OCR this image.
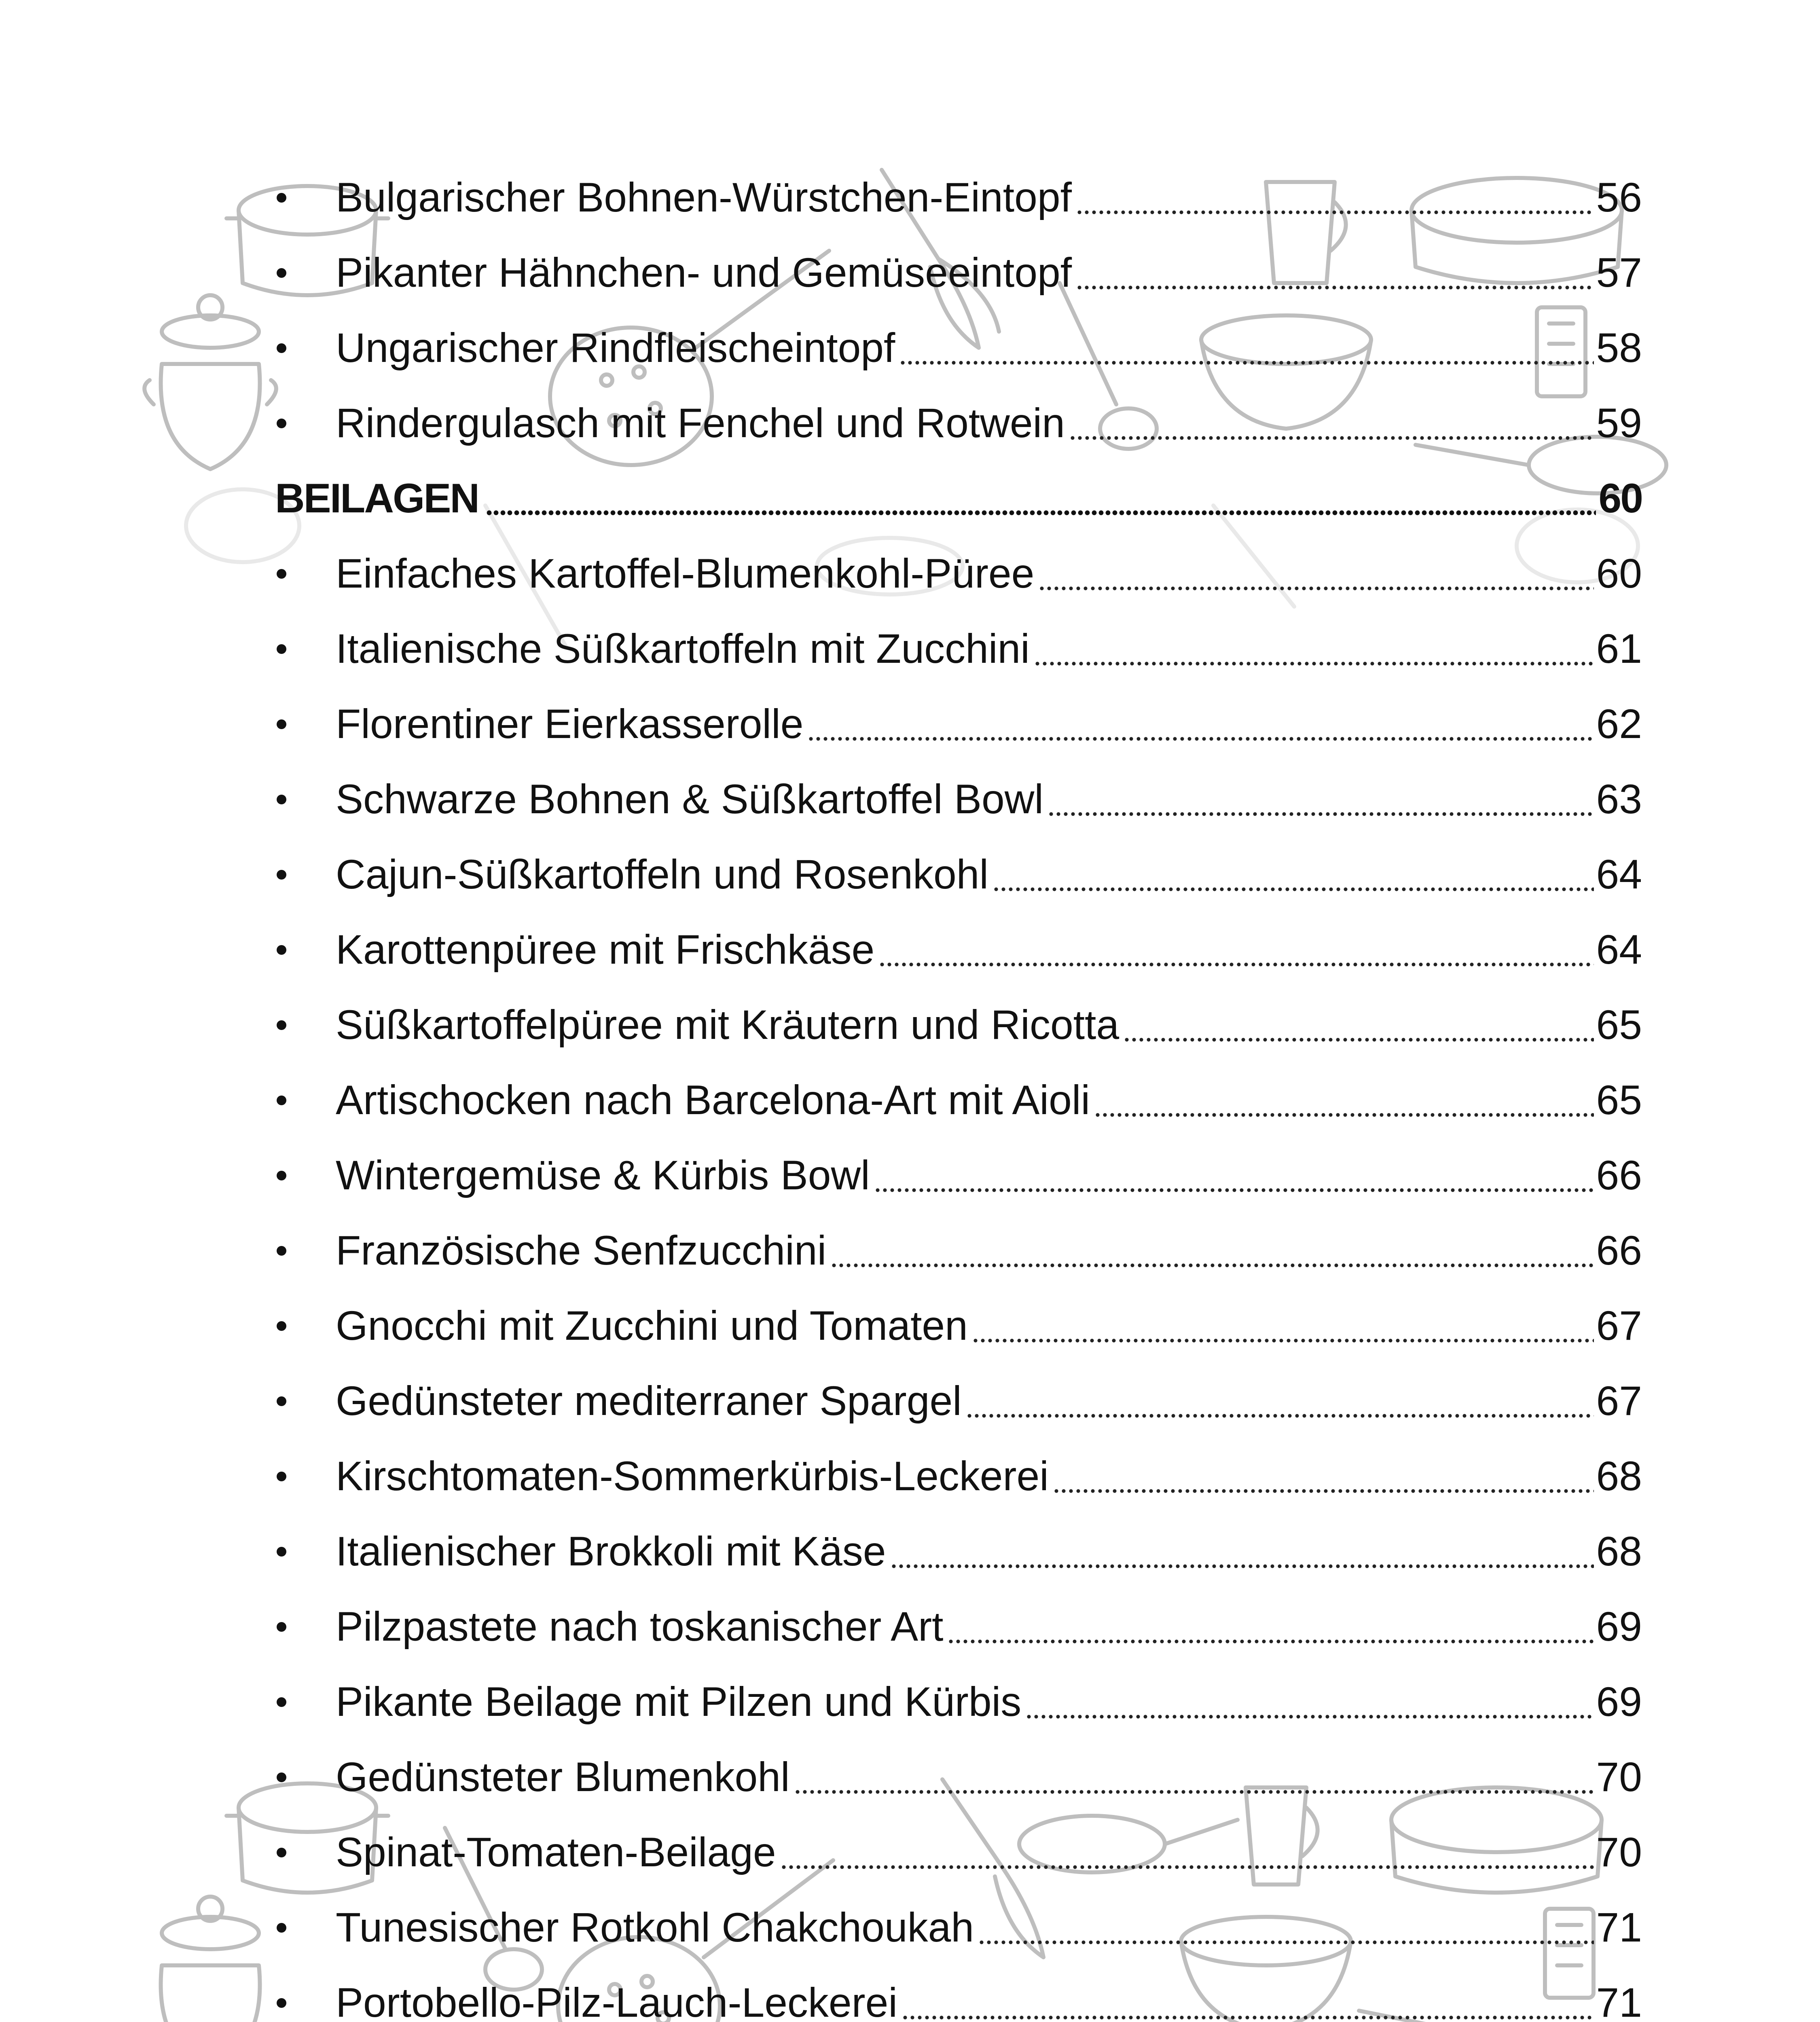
Bulgarischer Bohnen-Würstchen-Eintopf	56
Pikanter Hähnchen- und Gemüseeintopf	57
Ungarischer Rindfleischeintopf	58
Rindergulasch mit Fenchel und Rotwein	59
BEILAGEN	60
Einfaches Kartoffel-Blumenkohl-Püree	60
Italienische Süßkartoffeln mit Zucchini	61
Florentiner Eierkasserolle	62
Schwarze Bohnen & Süßkartoffel Bowl	63
Cajun-Süßkartoffeln und Rosenkohl	64
Karottenpüree mit Frischkäse	64
Süßkartoffelpüree mit Kräutern und Ricotta	65
Artischocken nach Barcelona-Art mit Aioli	65
Wintergemüse & Kürbis Bowl	66
Französische Senfzucchini	66
Gnocchi mit Zucchini und Tomaten	67
Gedünsteter mediterraner Spargel	67
Kirschtomaten-Sommerkürbis-Leckerei	68
Italienischer Brokkoli mit Käse	68
Pilzpastete nach toskanischer Art	69
Pikante Beilage mit Pilzen und Kürbis	69
Gedünsteter Blumenkohl	70
Spinat-Tomaten-Beilage	70
Tunesischer Rotkohl Chakchoukah	71
Portobello-Pilz-Lauch-Leckerei	71
